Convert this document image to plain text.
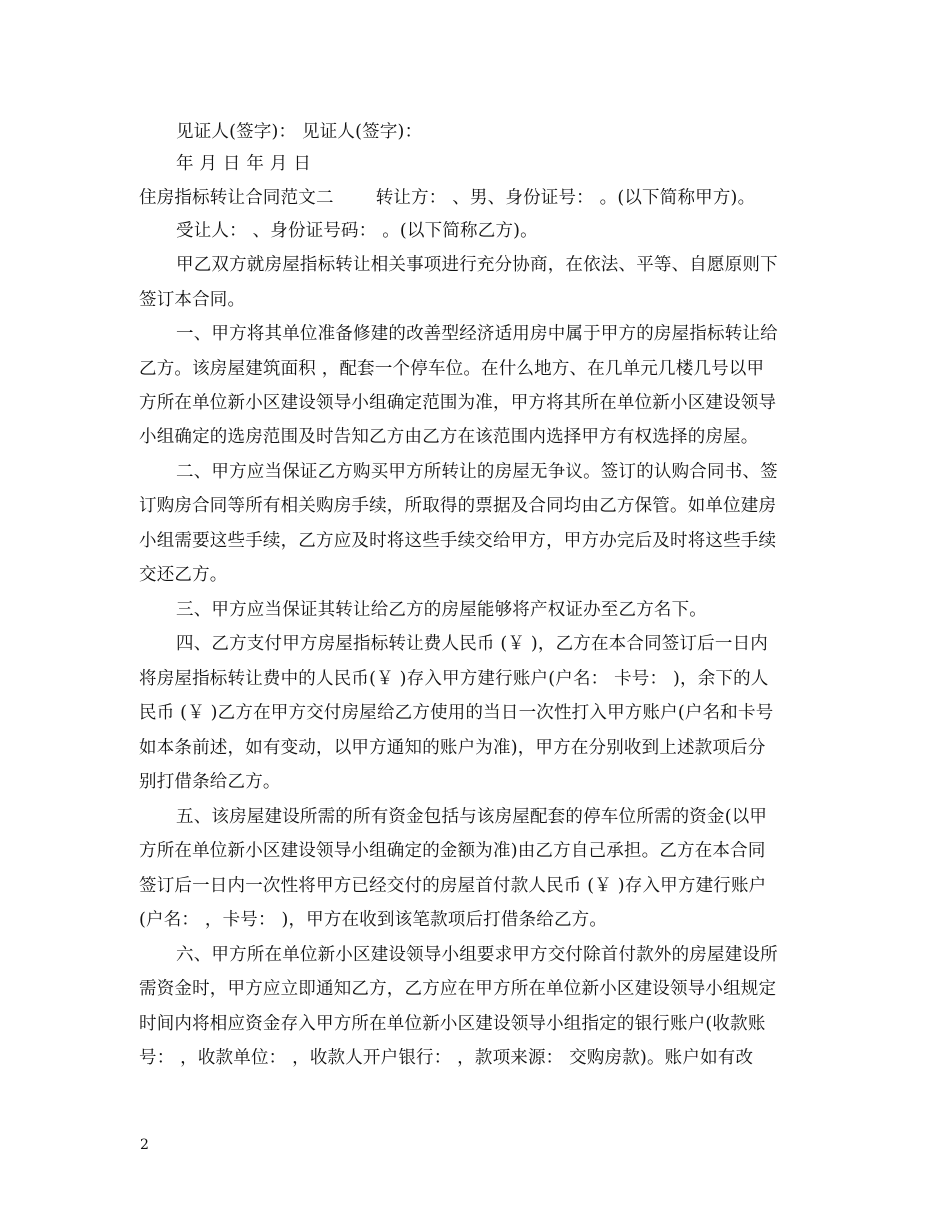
见证人(签字)： 见证人(签字)：
年 月 日 年 月 日
住房指标转让合同范文二 转让方： 、男、身份证号： 。(以下简称甲方)。
受让人： 、身份证号码： 。(以下简称乙方)。
甲乙双方就房屋指标转让相关事项进行充分协商，在依法、平等、自愿原则下
签订本合同。
一、甲方将其单位准备修建的改善型经济适用房中属于甲方的房屋指标转让给
乙方。该房屋建筑面积 ，配套一个停车位。在什么地方、在几单元几楼几号以甲
方所在单位新小区建设领导小组确定范围为准，甲方将其所在单位新小区建设领导
小组确定的选房范围及时告知乙方由乙方在该范围内选择甲方有权选择的房屋。
二、甲方应当保证乙方购买甲方所转让的房屋无争议。签订的认购合同书、签
订购房合同等所有相关购房手续，所取得的票据及合同均由乙方保管。如单位建房
小组需要这些手续，乙方应及时将这些手续交给甲方，甲方办完后及时将这些手续
交还乙方。
三、甲方应当保证其转让给乙方的房屋能够将产权证办至乙方名下。
四、乙方支付甲方房屋指标转让费人民币 (￥ )，乙方在本合同签订后一日内
将房屋指标转让费中的人民币(￥ )存入甲方建行账户(户名： 卡号： )，余下的人
民币 (￥ )乙方在甲方交付房屋给乙方使用的当日一次性打入甲方账户(户名和卡号
如本条前述，如有变动，以甲方通知的账户为准)，甲方在分别收到上述款项后分
别打借条给乙方。
五、该房屋建设所需的所有资金包括与该房屋配套的停车位所需的资金(以甲
方所在单位新小区建设领导小组确定的金额为准)由乙方自己承担。乙方在本合同
签订后一日内一次性将甲方已经交付的房屋首付款人民币 (￥ )存入甲方建行账户
(户名： ，卡号： )，甲方在收到该笔款项后打借条给乙方。
六、甲方所在单位新小区建设领导小组要求甲方交付除首付款外的房屋建设所
需资金时，甲方应立即通知乙方，乙方应在甲方所在单位新小区建设领导小组规定
时间内将相应资金存入甲方所在单位新小区建设领导小组指定的银行账户(收款账
号： ，收款单位： ，收款人开户银行： ，款项来源： 交购房款)。账户如有改
2
